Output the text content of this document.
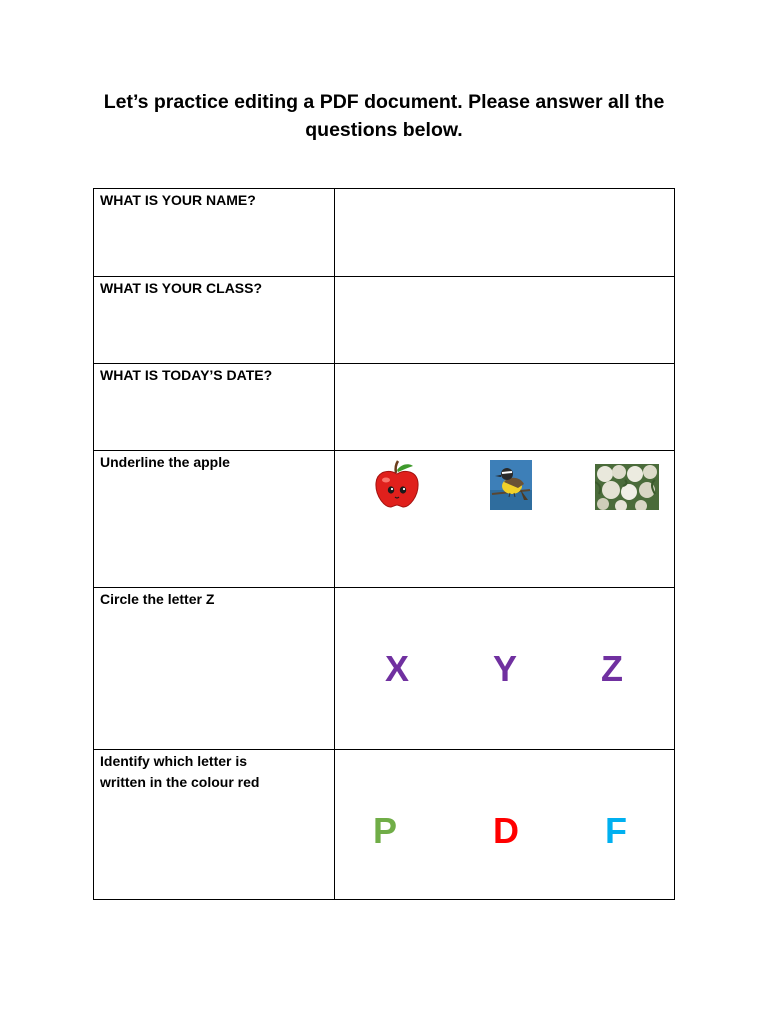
Let’s practice editing a PDF document. Please answer all the
questions below.
WHAT IS YOUR NAME?	
WHAT IS YOUR CLASS?	
WHAT IS TODAY’S DATE?	
Underline the apple	

Circle the letter Z	X Y Z

Identify which letter is
written in the colour red	P D F
